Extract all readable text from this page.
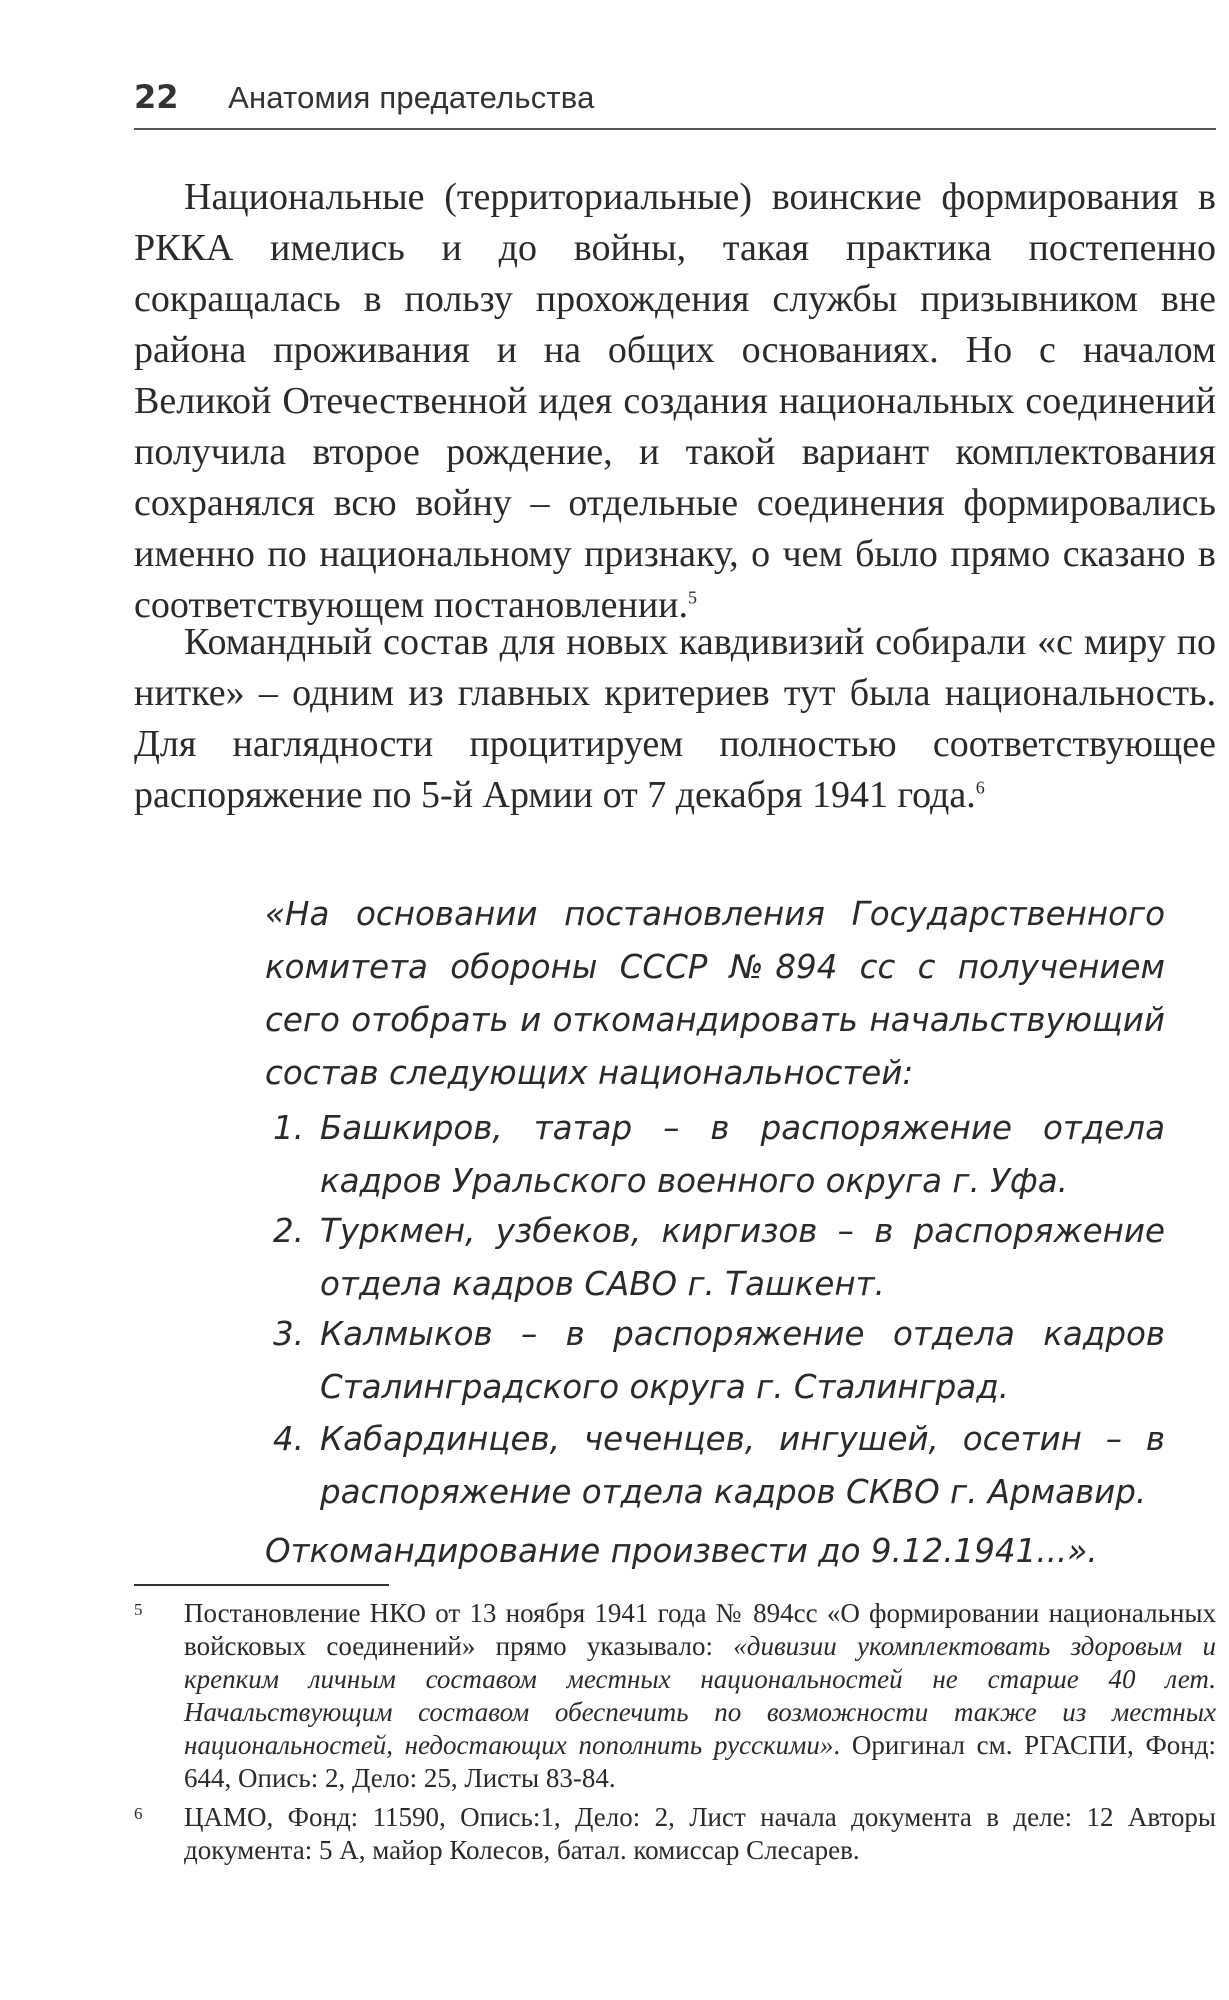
22 Анатомия предательства

Национальные (территориальные) воинские формирования в РККА имелись и до войны, такая практика постепенно сокращалась в пользу прохождения службы призывником вне района проживания и на общих основаниях. Но с началом Великой Отечественной идея создания национальных соединений получила второе рождение, и такой вариант комплектования сохранялся всю войну – отдельные соединения формировались именно по национальному признаку, о чем было прямо сказано в соответствующем постановлении.$^5$

Командный состав для новых кавдивизий собирали «с миру по нитке» – одним из главных критериев тут была национальность. Для наглядности процитируем полностью соответствующее распоряжение по 5-й Армии от 7 декабря 1941 года.$^6$

«На основании постановления Государственного комитета обороны СССР №894 сс с получением сего отобрать и откомандировать начальствующий состав следующих национальностей:

1. Башкиров, татар – в распоряжение отдела кадров Уральского военного округа г. Уфа.
2. Туркмен, узбеков, киргизов – в распоряжение отдела кадров САВО г. Ташкент.
3. Калмыков – в распоряжение отдела кадров Сталинградского округа г. Сталинград.
4. Кабардинцев, чеченцев, ингушей, осетин – в распоряжение отдела кадров СКВО г. Армавир.

Откомандирование произвести до 9.12.1941...».

5 Постановление НКО от 13 ноября 1941 года № 894сс «О формировании национальных войсковых соединений» прямо указывало: «дивизии укомплектовать здоровым и крепким личным составом местных национальностей не старше 40 лет. Начальствующим составом обеспечить по возможности также из местных национальностей, недостающих пополнить русскими». Оригинал см. РГАСПИ, Фонд: 644, Опись: 2, Дело: 25, Листы 83-84.
6 ЦАМО, Фонд: 11590, Опись:1, Дело: 2, Лист начала документа в деле: 12 Авторы документа: 5 А, майор Колесов, батал. комиссар Слесарев.
